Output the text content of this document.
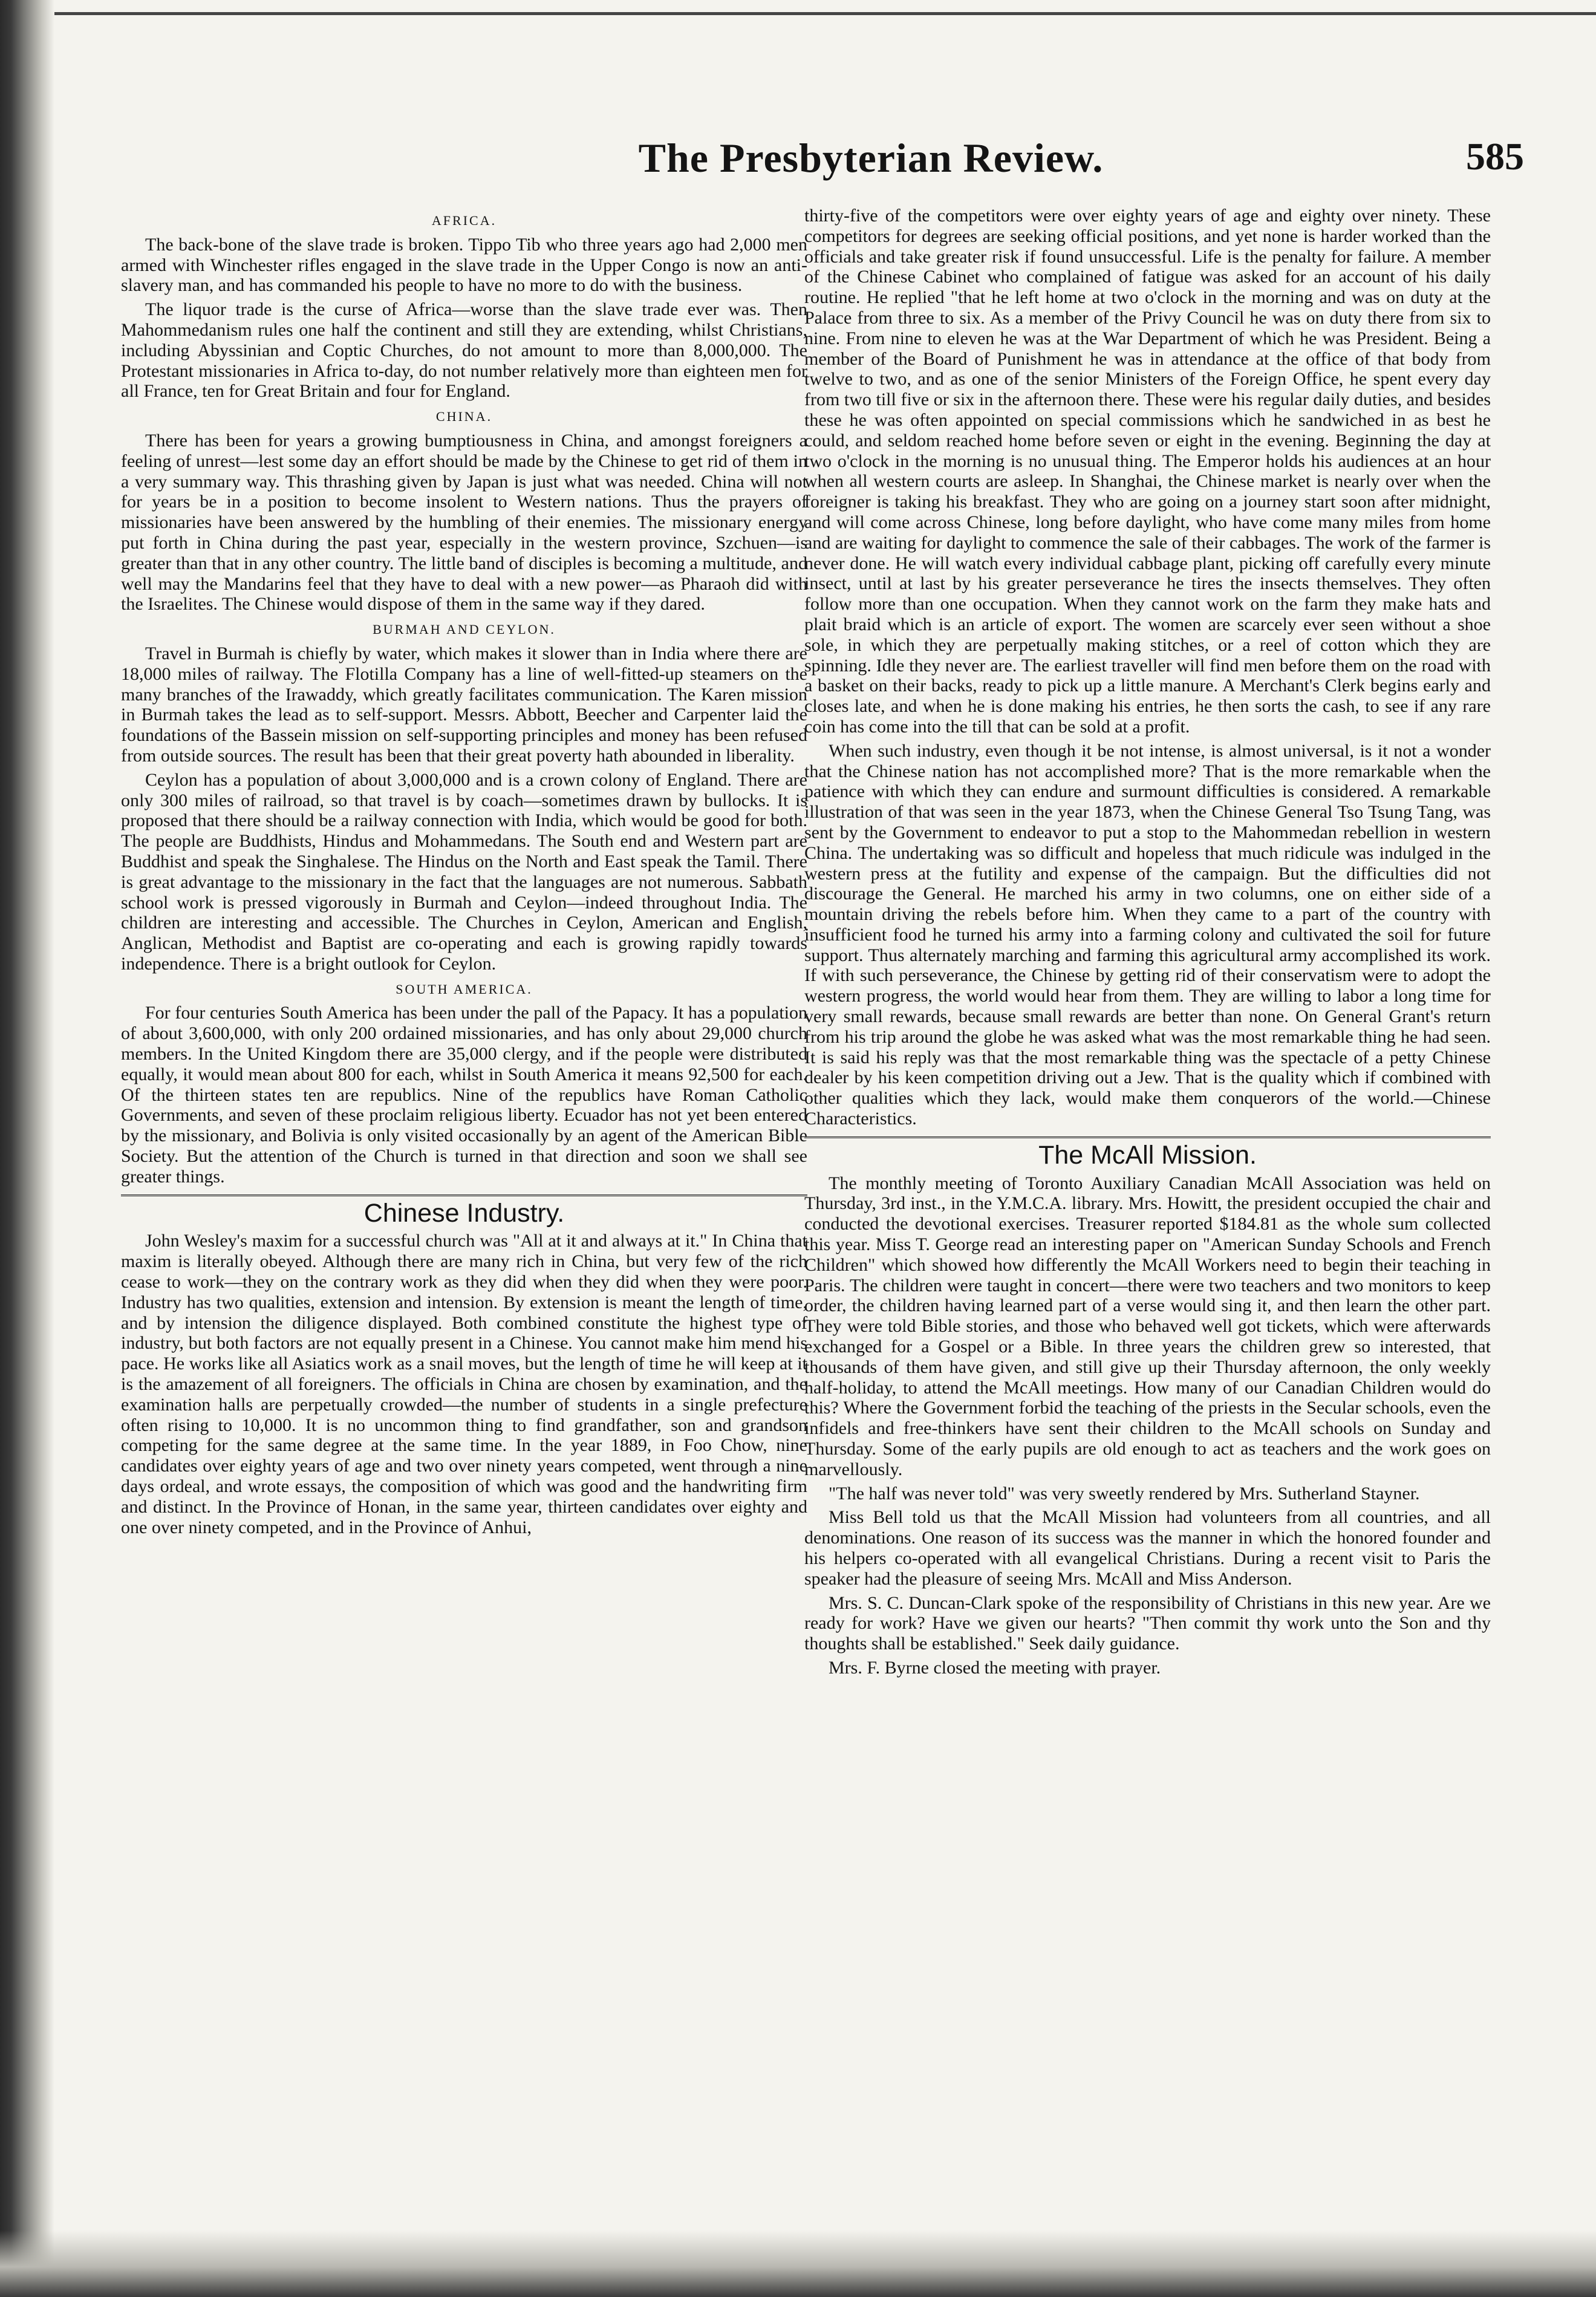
The Presbyterian Review.	585
AFRICA.

The back-bone of the slave trade is broken. Tippo Tib who three years ago had 2,000 men armed with Winchester rifles engaged in the slave trade in the Upper Congo is now an anti-slavery man, and has commanded his people to have no more to do with the business.

The liquor trade is the curse of Africa—worse than the slave trade ever was. Then Mahommedanism rules one half the continent and still they are extending, whilst Christians, including Abyssinian and Coptic Churches, do not amount to more than 8,000,000. The Protestant missionaries in Africa to-day, do not number relatively more than eighteen men for all France, ten for Great Britain and four for England.

CHINA.

There has been for years a growing bumptiousness in China, and amongst foreigners a feeling of unrest—lest some day an effort should be made by the Chinese to get rid of them in a very summary way. This thrashing given by Japan is just what was needed. China will not for years be in a position to become insolent to Western nations. Thus the prayers of missionaries have been answered by the humbling of their enemies. The missionary energy put forth in China during the past year, especially in the western province, Szchuen—is greater than that in any other country. The little band of disciples is becoming a multitude, and well may the Mandarins feel that they have to deal with a new power—as Pharaoh did with the Israelites. The Chinese would dispose of them in the same way if they dared.

BURMAH AND CEYLON.

Travel in Burmah is chiefly by water, which makes it slower than in India where there are 18,000 miles of railway. The Flotilla Company has a line of well-fitted-up steamers on the many branches of the Irawaddy, which greatly facilitates communication. The Karen mission in Burmah takes the lead as to self-support. Messrs. Abbott, Beecher and Carpenter laid the foundations of the Bassein mission on self-supporting principles and money has been refused from outside sources. The result has been that their great poverty hath abounded in liberality.

Ceylon has a population of about 3,000,000 and is a crown colony of England. There are only 300 miles of railroad, so that travel is by coach—sometimes drawn by bullocks. It is proposed that there should be a railway connection with India, which would be good for both. The people are Buddhists, Hindus and Mohammedans. The South end and Western part are Buddhist and speak the Singhalese. The Hindus on the North and East speak the Tamil. There is great advantage to the missionary in the fact that the languages are not numerous. Sabbath school work is pressed vigorously in Burmah and Ceylon—indeed throughout India. The children are interesting and accessible. The Churches in Ceylon, American and English, Anglican, Methodist and Baptist are co-operating and each is growing rapidly towards independence. There is a bright outlook for Ceylon.

SOUTH AMERICA.

For four centuries South America has been under the pall of the Papacy. It has a population of about 3,600,000, with only 200 ordained missionaries, and has only about 29,000 church members. In the United Kingdom there are 35,000 clergy, and if the people were distributed equally, it would mean about 800 for each, whilst in South America it means 92,500 for each. Of the thirteen states ten are republics. Nine of the republics have Roman Catholic Governments, and seven of these proclaim religious liberty. Ecuador has not yet been entered by the missionary, and Bolivia is only visited occasionally by an agent of the American Bible Society. But the attention of the Church is turned in that direction and soon we shall see greater things.

Chinese Industry.

John Wesley's maxim for a successful church was "All at it and always at it." In China that maxim is literally obeyed. Although there are many rich in China, but very few of the rich cease to work—they on the contrary work as they did when they did when they were poor. Industry has two qualities, extension and intension. By extension is meant the length of time, and by intension the diligence displayed. Both combined constitute the highest type of industry, but both factors are not equally present in a Chinese. You cannot make him mend his pace. He works like all Asiatics work as a snail moves, but the length of time he will keep at it is the amazement of all foreigners. The officials in China are chosen by examination, and the examination halls are perpetually crowded—the number of students in a single prefecture often rising to 10,000. It is no uncommon thing to find grandfather, son and grandson competing for the same degree at the same time. In the year 1889, in Foo Chow, nine candidates over eighty years of age and two over ninety years competed, went through a nine days ordeal, and wrote essays, the composition of which was good and the handwriting firm and distinct. In the Province of Honan, in the same year, thirteen candidates over eighty and one over ninety competed, and in the Province of Anhui,

thirty-five of the competitors were over eighty years of age and eighty over ninety. These competitors for degrees are seeking official positions, and yet none is harder worked than the officials and take greater risk if found unsuccessful. Life is the penalty for failure. A member of the Chinese Cabinet who complained of fatigue was asked for an account of his daily routine. He replied "that he left home at two o'clock in the morning and was on duty at the Palace from three to six. As a member of the Privy Council he was on duty there from six to nine. From nine to eleven he was at the War Department of which he was President. Being a member of the Board of Punishment he was in attendance at the office of that body from twelve to two, and as one of the senior Ministers of the Foreign Office, he spent every day from two till five or six in the afternoon there. These were his regular daily duties, and besides these he was often appointed on special commissions which he sandwiched in as best he could, and seldom reached home before seven or eight in the evening. Beginning the day at two o'clock in the morning is no unusual thing. The Emperor holds his audiences at an hour when all western courts are asleep. In Shanghai, the Chinese market is nearly over when the foreigner is taking his breakfast. They who are going on a journey start soon after midnight, and will come across Chinese, long before daylight, who have come many miles from home and are waiting for daylight to commence the sale of their cabbages. The work of the farmer is never done. He will watch every individual cabbage plant, picking off carefully every minute insect, until at last by his greater perseverance he tires the insects themselves. They often follow more than one occupation. When they cannot work on the farm they make hats and plait braid which is an article of export. The women are scarcely ever seen without a shoe sole, in which they are perpetually making stitches, or a reel of cotton which they are spinning. Idle they never are. The earliest traveller will find men before them on the road with a basket on their backs, ready to pick up a little manure. A Merchant's Clerk begins early and closes late, and when he is done making his entries, he then sorts the cash, to see if any rare coin has come into the till that can be sold at a profit.

When such industry, even though it be not intense, is almost universal, is it not a wonder that the Chinese nation has not accomplished more? That is the more remarkable when the patience with which they can endure and surmount difficulties is considered. A remarkable illustration of that was seen in the year 1873, when the Chinese General Tso Tsung Tang, was sent by the Government to endeavor to put a stop to the Mahommedan rebellion in western China. The undertaking was so difficult and hopeless that much ridicule was indulged in the western press at the futility and expense of the campaign. But the difficulties did not discourage the General. He marched his army in two columns, one on either side of a mountain driving the rebels before him. When they came to a part of the country with insufficient food he turned his army into a farming colony and cultivated the soil for future support. Thus alternately marching and farming this agricultural army accomplished its work. If with such perseverance, the Chinese by getting rid of their conservatism were to adopt the western progress, the world would hear from them. They are willing to labor a long time for very small rewards, because small rewards are better than none. On General Grant's return from his trip around the globe he was asked what was the most remarkable thing he had seen. It is said his reply was that the most remarkable thing was the spectacle of a petty Chinese dealer by his keen competition driving out a Jew. That is the quality which if combined with other qualities which they lack, would make them conquerors of the world.—Chinese Characteristics.

The McAll Mission.

The monthly meeting of Toronto Auxiliary Canadian McAll Association was held on Thursday, 3rd inst., in the Y.M.C.A. library. Mrs. Howitt, the president occupied the chair and conducted the devotional exercises. Treasurer reported $184.81 as the whole sum collected this year. Miss T. George read an interesting paper on "American Sunday Schools and French Children" which showed how differently the McAll Workers need to begin their teaching in Paris. The children were taught in concert—there were two teachers and two monitors to keep order, the children having learned part of a verse would sing it, and then learn the other part. They were told Bible stories, and those who behaved well got tickets, which were afterwards exchanged for a Gospel or a Bible. In three years the children grew so interested, that thousands of them have given, and still give up their Thursday afternoon, the only weekly half-holiday, to attend the McAll meetings. How many of our Canadian Children would do this? Where the Government forbid the teaching of the priests in the Secular schools, even the infidels and free-thinkers have sent their children to the McAll schools on Sunday and Thursday. Some of the early pupils are old enough to act as teachers and the work goes on marvellously.

"The half was never told" was very sweetly rendered by Mrs. Sutherland Stayner.

Miss Bell told us that the McAll Mission had volunteers from all countries, and all denominations. One reason of its success was the manner in which the honored founder and his helpers co-operated with all evangelical Christians. During a recent visit to Paris the speaker had the pleasure of seeing Mrs. McAll and Miss Anderson.

Mrs. S. C. Duncan-Clark spoke of the responsibility of Christians in this new year. Are we ready for work? Have we given our hearts? "Then commit thy work unto the Son and thy thoughts shall be established." Seek daily guidance.

Mrs. F. Byrne closed the meeting with prayer.
